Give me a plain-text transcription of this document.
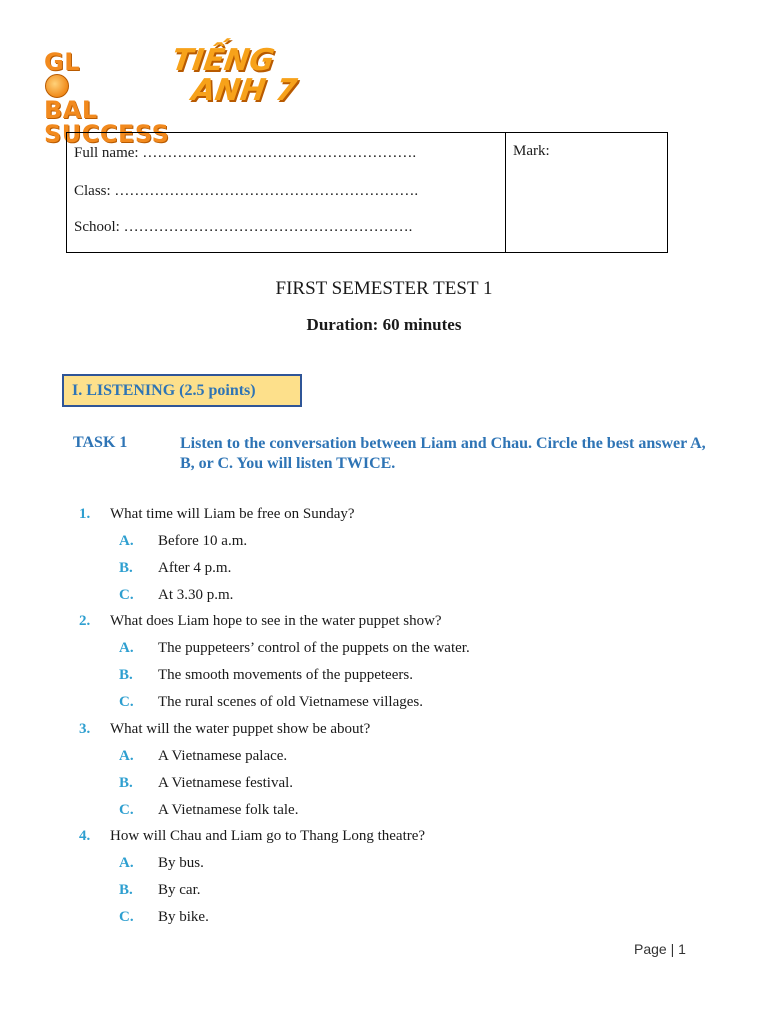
GL
BAL
SUCCESS
TIẾNG
ANH 7
Full name: ……………………………………………….
Class: …………………………………………………….
School: ………………………………………………….
Mark:
FIRST SEMESTER TEST 1
Duration: 60 minutes
I. LISTENING (2.5 points)
TASK 1	Listen to the conversation between Liam and Chau. Circle the best answer A, B, or C. You will listen TWICE.
1. What time will Liam be free on Sunday?
A. Before 10 a.m.
B. After 4 p.m.
C. At 3.30 p.m.
2. What does Liam hope to see in the water puppet show?
A. The puppeteers’ control of the puppets on the water.
B. The smooth movements of the puppeteers.
C. The rural scenes of old Vietnamese villages.
3. What will the water puppet show be about?
A. A Vietnamese palace.
B. A Vietnamese festival.
C. A Vietnamese folk tale.
4. How will Chau and Liam go to Thang Long theatre?
A. By bus.
B. By car.
C. By bike.
Page | 1
